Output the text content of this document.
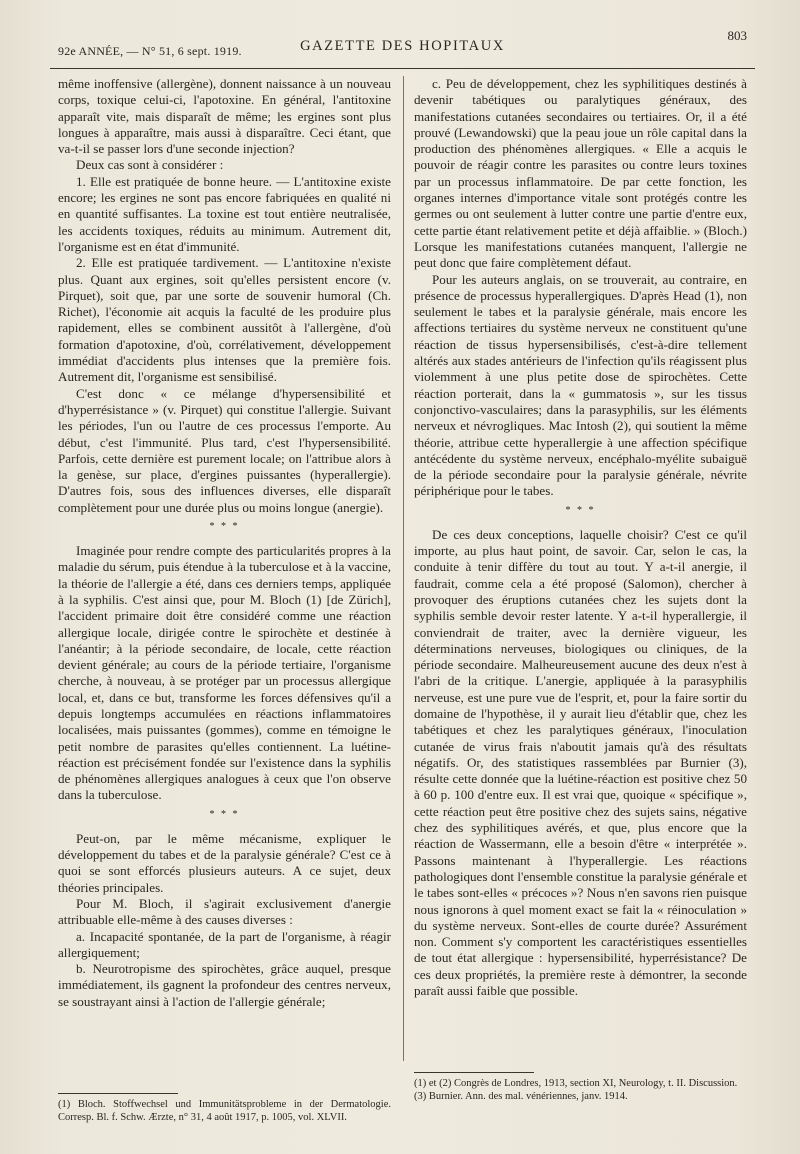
92e ANNÉE, — N° 51, 6 sept. 1919.	GAZETTE DES HOPITAUX
803

même inoffensive (allergène), donnent naissance à un nouveau corps, toxique celui-ci, l'apotoxine. En général, l'antitoxine apparaît vite, mais disparaît de même; les ergines sont plus longues à apparaître, mais aussi à disparaître. Ceci étant, que va-t-il se passer lors d'une seconde injection?

Deux cas sont à considérer :

1. Elle est pratiquée de bonne heure. — L'antitoxine existe encore; les ergines ne sont pas encore fabriquées en qualité ni en quantité suffisantes. La toxine est tout entière neutralisée, les accidents toxiques, réduits au minimum. Autrement dit, l'organisme est en état d'immunité.

2. Elle est pratiquée tardivement. — L'antitoxine n'existe plus. Quant aux ergines, soit qu'elles persistent encore (v. Pirquet), soit que, par une sorte de souvenir humoral (Ch. Richet), l'économie ait acquis la faculté de les produire plus rapidement, elles se combinent aussitôt à l'allergène, d'où formation d'apotoxine, d'où, corrélativement, développement immédiat d'accidents plus intenses que la première fois. Autrement dit, l'organisme est sensibilisé.

C'est donc « ce mélange d'hypersensibilité et d'hyperrésistance » (v. Pirquet) qui constitue l'allergie. Suivant les périodes, l'un ou l'autre de ces processus l'emporte. Au début, c'est l'immunité. Plus tard, c'est l'hypersensibilité. Parfois, cette dernière est purement locale; on l'attribue alors à la genèse, sur place, d'ergines puissantes (hyperallergie). D'autres fois, sous des influences diverses, elle disparaît complètement pour une durée plus ou moins longue (anergie).

* * *

Imaginée pour rendre compte des particularités propres à la maladie du sérum, puis étendue à la tuberculose et à la vaccine, la théorie de l'allergie a été, dans ces derniers temps, appliquée à la syphilis. C'est ainsi que, pour M. Bloch (1) [de Zürich], l'accident primaire doit être considéré comme une réaction allergique locale, dirigée contre le spirochète et destinée à l'anéantir; à la période secondaire, de locale, cette réaction devient générale; au cours de la période tertiaire, l'organisme cherche, à nouveau, à se protéger par un processus allergique local, et, dans ce but, transforme les forces défensives qu'il a depuis longtemps accumulées en réactions inflammatoires localisées, mais puissantes (gommes), comme en témoigne le petit nombre de parasites qu'elles contiennent. La luétine-réaction est précisément fondée sur l'existence dans la syphilis de phénomènes allergiques analogues à ceux que l'on observe dans la tuberculose.

* * *

Peut-on, par le même mécanisme, expliquer le développement du tabes et de la paralysie générale? C'est ce à quoi se sont efforcés plusieurs auteurs. A ce sujet, deux théories principales.

Pour M. Bloch, il s'agirait exclusivement d'anergie attribuable elle-même à des causes diverses :

a. Incapacité spontanée, de la part de l'organisme, à réagir allergiquement;

b. Neurotropisme des spirochètes, grâce auquel, presque immédiatement, ils gagnent la profondeur des centres nerveux, se soustrayant ainsi à l'action de l'allergie générale;

c. Peu de développement, chez les syphilitiques destinés à devenir tabétiques ou paralytiques généraux, des manifestations cutanées secondaires ou tertiaires. Or, il a été prouvé (Lewandowski) que la peau joue un rôle capital dans la production des phénomènes allergiques. « Elle a acquis le pouvoir de réagir contre les parasites ou contre leurs toxines par un processus inflammatoire. De par cette fonction, les organes internes d'importance vitale sont protégés contre les germes ou ont seulement à lutter contre une partie d'entre eux, cette partie étant relativement petite et déjà affaiblie. » (Bloch.) Lorsque les manifestations cutanées manquent, l'allergie ne peut donc que faire complètement défaut.

Pour les auteurs anglais, on se trouverait, au contraire, en présence de processus hyperallergiques. D'après Head (1), non seulement le tabes et la paralysie générale, mais encore les affections tertiaires du système nerveux ne constituent qu'une réaction de tissus hypersensibilisés, c'est-à-dire tellement altérés aux stades antérieurs de l'infection qu'ils réagissent plus violemment à une plus petite dose de spirochètes. Cette réaction porterait, dans la « gummatosis », sur les tissus conjonctivo-vasculaires; dans la parasyphilis, sur les éléments nerveux et névrogliques. Mac Intosh (2), qui soutient la même théorie, attribue cette hyperallergie à une affection spécifique antécédente du système nerveux, encéphalo-myélite subaiguë de la période secondaire pour la paralysie générale, névrite périphérique pour le tabes.

* * *

De ces deux conceptions, laquelle choisir? C'est ce qu'il importe, au plus haut point, de savoir. Car, selon le cas, la conduite à tenir diffère du tout au tout. Y a-t-il anergie, il faudrait, comme cela a été proposé (Salomon), chercher à provoquer des éruptions cutanées chez les sujets dont la syphilis semble devoir rester latente. Y a-t-il hyperallergie, il conviendrait de traiter, avec la dernière vigueur, les déterminations nerveuses, biologiques ou cliniques, de la période secondaire. Malheureusement aucune des deux n'est à l'abri de la critique. L'anergie, appliquée à la parasyphilis nerveuse, est une pure vue de l'esprit, et, pour la faire sortir du domaine de l'hypothèse, il y aurait lieu d'établir que, chez les tabétiques et chez les paralytiques généraux, l'inoculation cutanée de virus frais n'aboutit jamais qu'à des résultats négatifs. Or, des statistiques rassemblées par Burnier (3), résulte cette donnée que la luétine-réaction est positive chez 50 à 60 p. 100 d'entre eux. Il est vrai que, quoique « spécifique », cette réaction peut être positive chez des sujets sains, négative chez des syphilitiques avérés, et que, plus encore que la réaction de Wassermann, elle a besoin d'être « interprétée ». Passons maintenant à l'hyperallergie. Les réactions pathologiques dont l'ensemble constitue la paralysie générale et le tabes sont-elles « précoces »? Nous n'en savons rien puisque nous ignorons à quel moment exact se fait la « réinoculation » du système nerveux. Sont-elles de courte durée? Assurément non. Comment s'y comportent les caractéristiques essentielles de tout état allergique : hypersensibilité, hyperrésistance? De ces deux propriétés, la première reste à démontrer, la seconde paraît aussi faible que possible.

(1) Bloch. Stoffwechsel und Immunitätsprobleme in der Dermatologie. Corresp. Bl. f. Schw. Ærzte, n° 31, 4 août 1917, p. 1005, vol. XLVII.
(1) et (2) Congrès de Londres, 1913, section XI, Neurology, t. II. Discussion.
(3) Burnier. Ann. des mal. vénériennes, janv. 1914.
